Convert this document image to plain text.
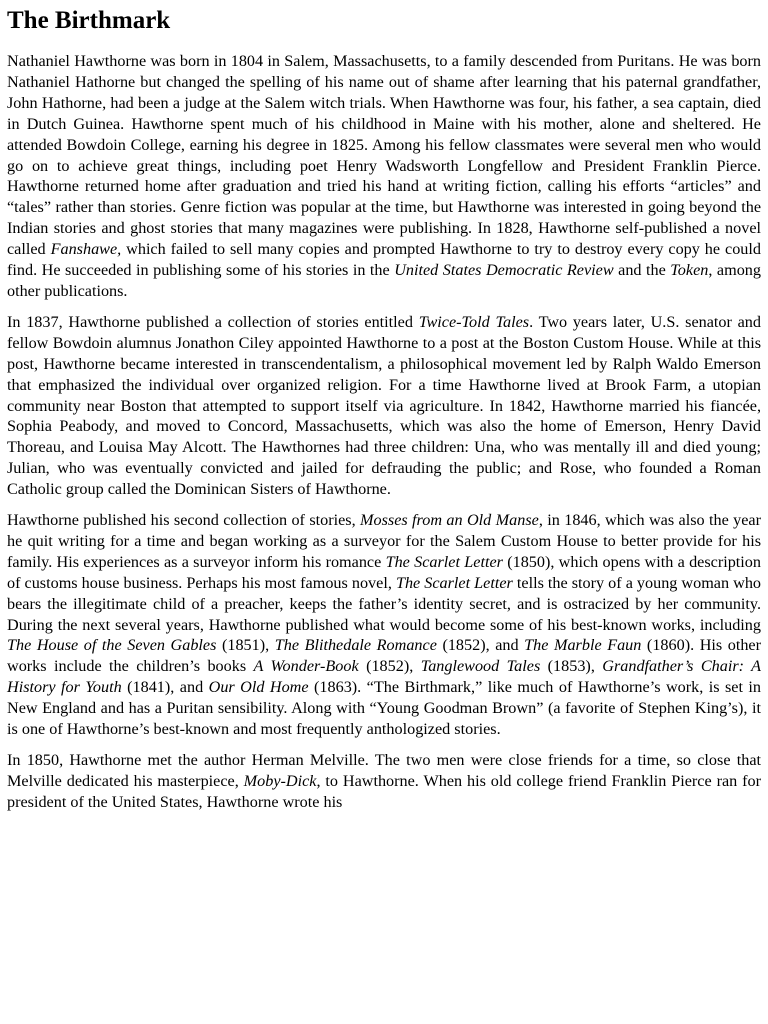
The Birthmark

Nathaniel Hawthorne was born in 1804 in Salem, Massachusetts, to a family descended from Puritans. He was born Nathaniel Hathorne but changed the spelling of his name out of shame after learning that his paternal grandfather, John Hathorne, had been a judge at the Salem witch trials. When Hawthorne was four, his father, a sea captain, died in Dutch Guinea. Hawthorne spent much of his childhood in Maine with his mother, alone and sheltered. He attended Bowdoin College, earning his degree in 1825. Among his fellow classmates were several men who would go on to achieve great things, including poet Henry Wadsworth Longfellow and President Franklin Pierce. Hawthorne returned home after graduation and tried his hand at writing fiction, calling his efforts “articles” and “tales” rather than stories. Genre fiction was popular at the time, but Hawthorne was interested in going beyond the Indian stories and ghost stories that many magazines were publishing. In 1828, Hawthorne self-published a novel called Fanshawe, which failed to sell many copies and prompted Hawthorne to try to destroy every copy he could find. He succeeded in publishing some of his stories in the United States Democratic Review and the Token, among other publications.

In 1837, Hawthorne published a collection of stories entitled Twice-Told Tales. Two years later, U.S. senator and fellow Bowdoin alumnus Jonathon Ciley appointed Hawthorne to a post at the Boston Custom House. While at this post, Hawthorne became interested in transcendentalism, a philosophical movement led by Ralph Waldo Emerson that emphasized the individual over organized religion. For a time Hawthorne lived at Brook Farm, a utopian community near Boston that attempted to support itself via agriculture. In 1842, Hawthorne married his fiancée, Sophia Peabody, and moved to Concord, Massachusetts, which was also the home of Emerson, Henry David Thoreau, and Louisa May Alcott. The Hawthornes had three children: Una, who was mentally ill and died young; Julian, who was eventually convicted and jailed for defrauding the public; and Rose, who founded a Roman Catholic group called the Dominican Sisters of Hawthorne.

Hawthorne published his second collection of stories, Mosses from an Old Manse, in 1846, which was also the year he quit writing for a time and began working as a surveyor for the Salem Custom House to better provide for his family. His experiences as a surveyor inform his romance The Scarlet Letter (1850), which opens with a description of customs house business. Perhaps his most famous novel, The Scarlet Letter tells the story of a young woman who bears the illegitimate child of a preacher, keeps the father’s identity secret, and is ostracized by her community. During the next several years, Hawthorne published what would become some of his best-known works, including The House of the Seven Gables (1851), The Blithedale Romance (1852), and The Marble Faun (1860). His other works include the children’s books A Wonder-Book (1852), Tanglewood Tales (1853), Grandfather’s Chair: A History for Youth (1841), and Our Old Home (1863). “The Birthmark,” like much of Hawthorne’s work, is set in New England and has a Puritan sensibility. Along with “Young Goodman Brown” (a favorite of Stephen King’s), it is one of Hawthorne’s best-known and most frequently anthologized stories.

In 1850, Hawthorne met the author Herman Melville. The two men were close friends for a time, so close that Melville dedicated his masterpiece, Moby-Dick, to Hawthorne. When his old college friend Franklin Pierce ran for president of the United States, Hawthorne wrote his
